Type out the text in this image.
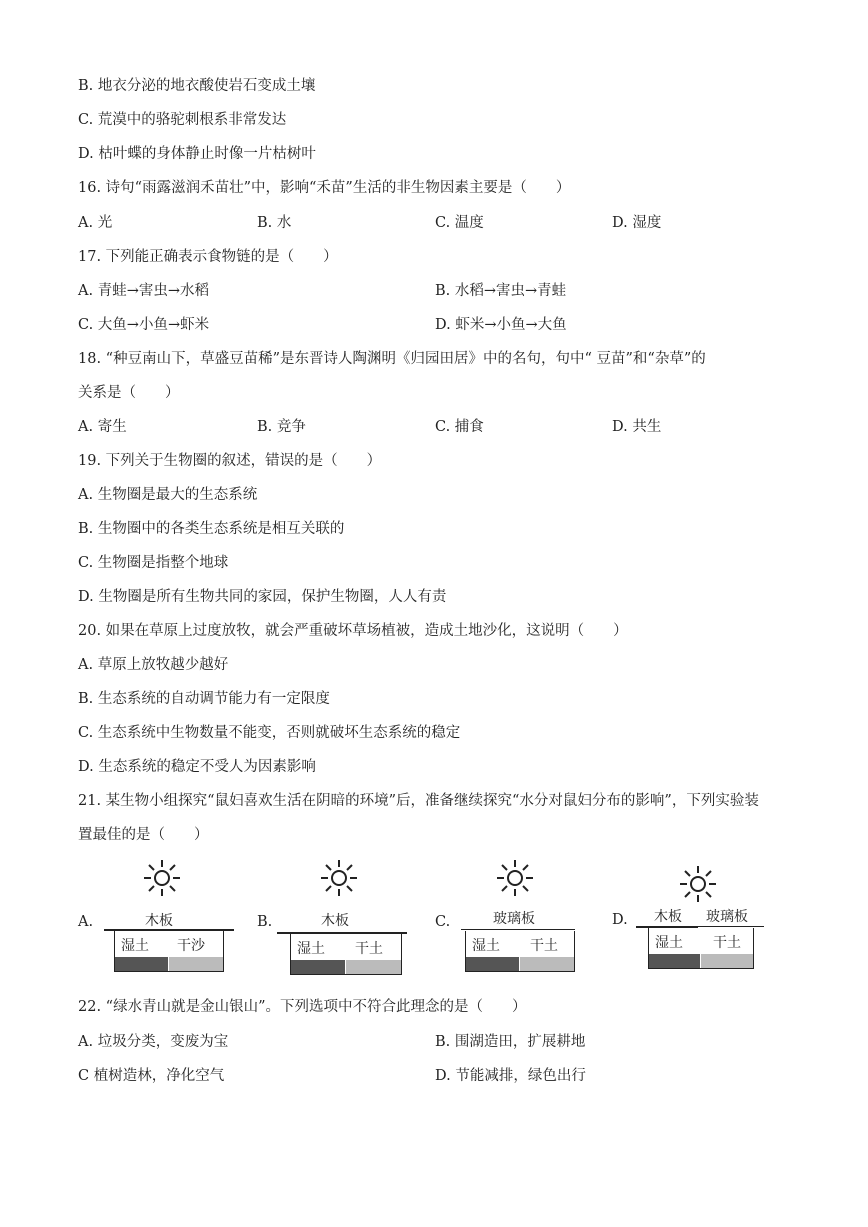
B. 地衣分泌的地衣酸使岩石变成土壤
C. 荒漠中的骆驼刺根系非常发达
D. 枯叶蝶的身体静止时像一片枯树叶
16. 诗句“雨露滋润禾苗壮”中，影响“禾苗”生活的非生物因素主要是（　　）
A. 光	B. 水	C. 温度	D. 湿度
17. 下列能正确表示食物链的是（　　）
A. 青蛙→害虫→水稻	B. 水稻→害虫→青蛙
C. 大鱼→小鱼→虾米	D. 虾米→小鱼→大鱼
18. “种豆南山下，草盛豆苗稀”是东晋诗人陶渊明《归园田居》中的名句，句中“ 豆苗”和“杂草”的
关系是（　　）
A. 寄生	B. 竞争	C. 捕食	D. 共生
19. 下列关于生物圈的叙述，错误的是（　　）
A. 生物圈是最大的生态系统
B. 生物圈中的各类生态系统是相互关联的
C. 生物圈是指整个地球
D. 生物圈是所有生物共同的家园，保护生物圈，人人有责
20. 如果在草原上过度放牧，就会严重破坏草场植被，造成土地沙化，这说明（　　）
A. 草原上放牧越少越好
B. 生态系统的自动调节能力有一定限度
C. 生态系统中生物数量不能变，否则就破坏生态系统的稳定
D. 生态系统的稳定不受人为因素影响
21. 某生物小组探究“鼠妇喜欢生活在阴暗的环境”后，准备继续探究“水分对鼠妇分布的影响”，下列实验装
置最佳的是（　　）
A.	木板
湿土 干沙
B.	木板
湿土 干土
C.	玻璃板
湿土 干土
D. 木板 玻璃板
湿土 干土
22. “绿水青山就是金山银山”。下列选项中不符合此理念的是（　　）
A. 垃圾分类，变废为宝	B. 围湖造田，扩展耕地
C 植树造林，净化空气	D. 节能减排，绿色出行
